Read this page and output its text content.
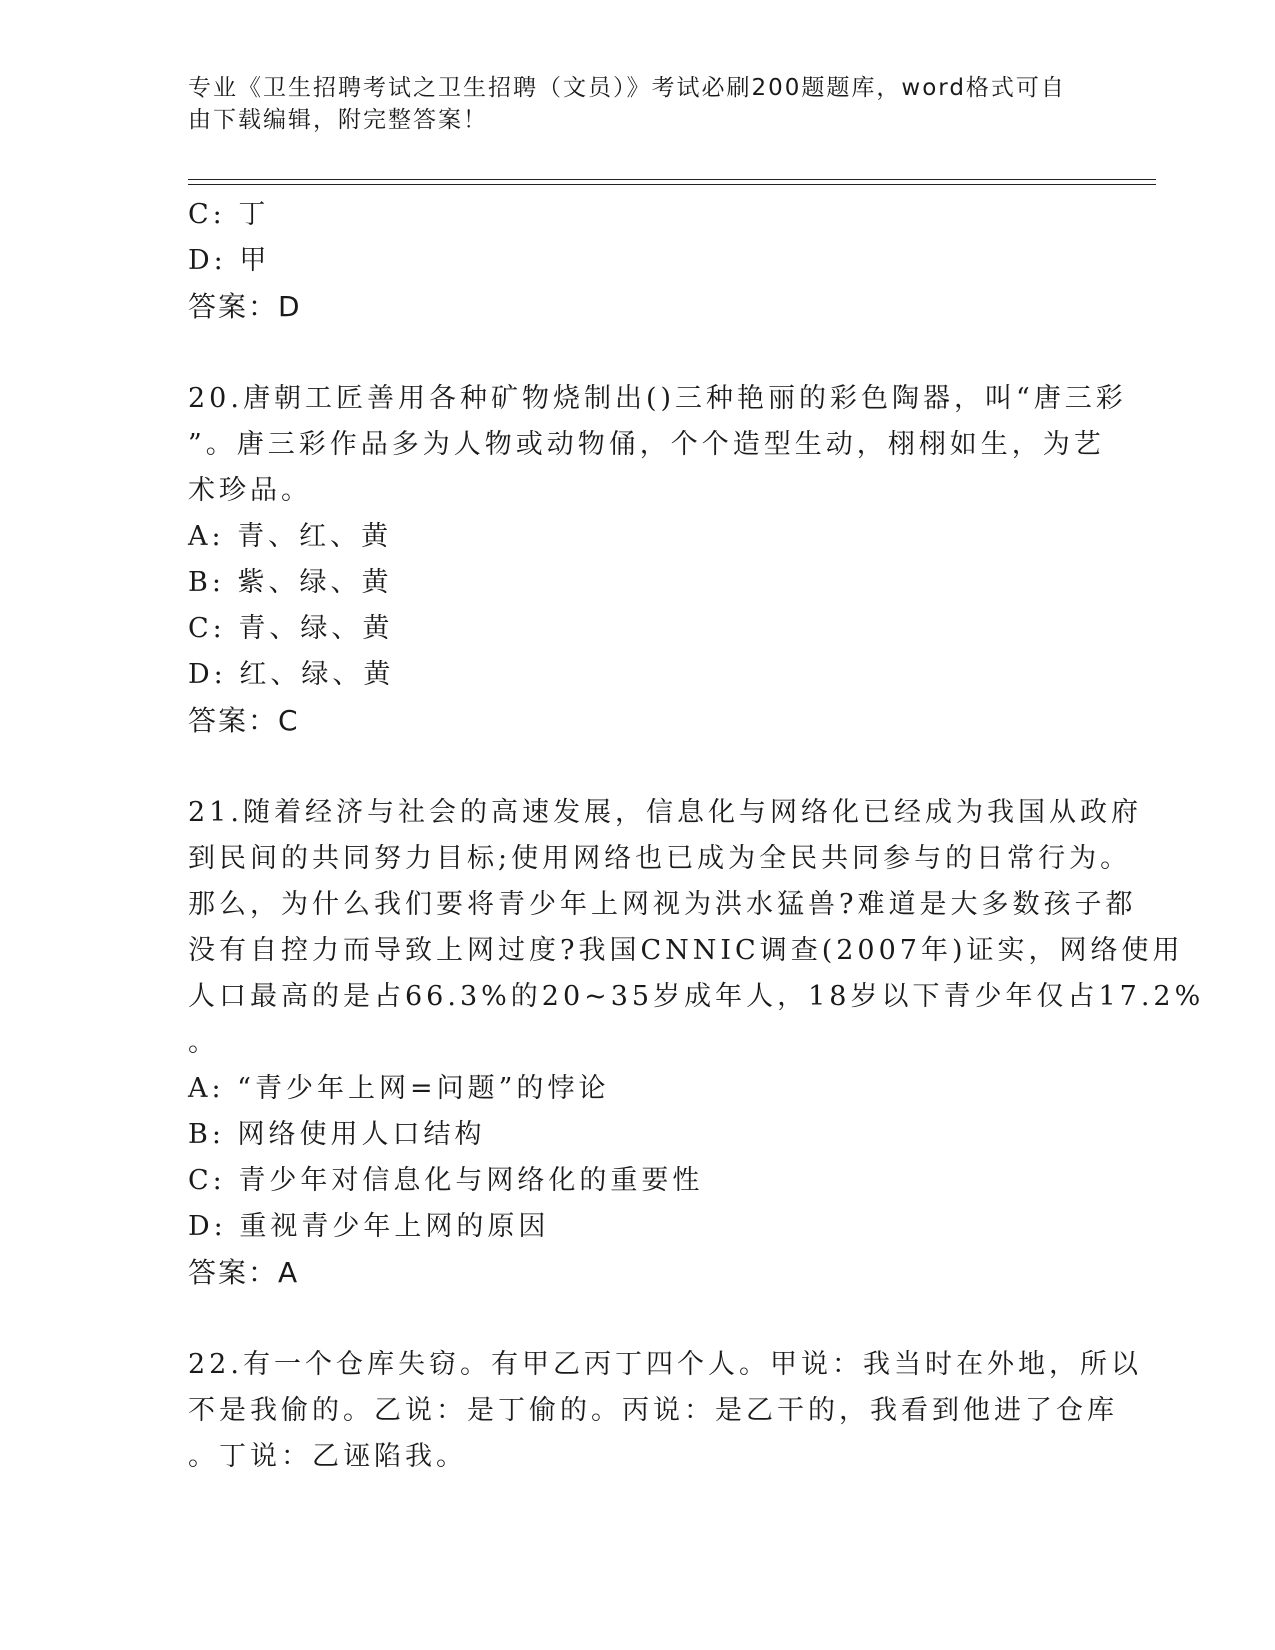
专业《卫生招聘考试之卫生招聘（文员）》考试必刷200题题库，word格式可自
由下载编辑，附完整答案！
C: 丁
D: 甲
答案：D
20.唐朝工匠善用各种矿物烧制出()三种艳丽的彩色陶器，叫“唐三彩
”。唐三彩作品多为人物或动物俑，个个造型生动，栩栩如生，为艺
术珍品。
A: 青、红、黄
B: 紫、绿、黄
C: 青、绿、黄
D: 红、绿、黄
答案：C
21.随着经济与社会的高速发展，信息化与网络化已经成为我国从政府
到民间的共同努力目标;使用网络也已成为全民共同参与的日常行为。
那么，为什么我们要将青少年上网视为洪水猛兽?难道是大多数孩子都
没有自控力而导致上网过度?我国CNNIC调查(2007年)证实，网络使用
人口最高的是占66.3%的20~35岁成年人，18岁以下青少年仅占17.2%
。
A: “青少年上网=问题”的悖论
B: 网络使用人口结构
C: 青少年对信息化与网络化的重要性
D: 重视青少年上网的原因
答案：A
22.有一个仓库失窃。有甲乙丙丁四个人。甲说：我当时在外地，所以
不是我偷的。乙说：是丁偷的。丙说：是乙干的，我看到他进了仓库
。丁说：乙诬陷我。
